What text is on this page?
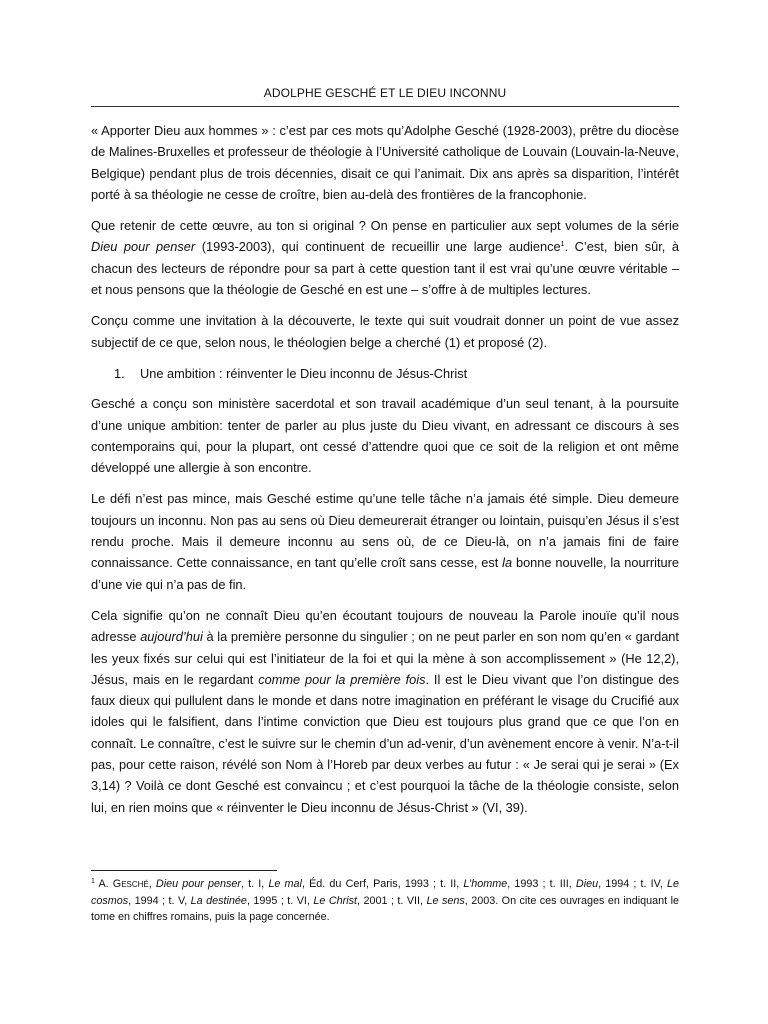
ADOLPHE GESCHÉ ET LE DIEU INCONNU

« Apporter Dieu aux hommes » : c’est par ces mots qu’Adolphe Gesché (1928-2003), prêtre du diocèse de Malines-Bruxelles et professeur de théologie à l’Université catholique de Louvain (Louvain-la-Neuve, Belgique) pendant plus de trois décennies, disait ce qui l’animait. Dix ans après sa disparition, l’intérêt porté à sa théologie ne cesse de croître, bien au-delà des frontières de la francophonie.

Que retenir de cette œuvre, au ton si original ? On pense en particulier aux sept volumes de la série Dieu pour penser (1993-2003), qui continuent de recueillir une large audience$^1$. C’est, bien sûr, à chacun des lecteurs de répondre pour sa part à cette question tant il est vrai qu’une œuvre véritable – et nous pensons que la théologie de Gesché en est une – s’offre à de multiples lectures.

Conçu comme une invitation à la découverte, le texte qui suit voudrait donner un point de vue assez subjectif de ce que, selon nous, le théologien belge a cherché (1) et proposé (2).

1. Une ambition : réinventer le Dieu inconnu de Jésus-Christ

Gesché a conçu son ministère sacerdotal et son travail académique d’un seul tenant, à la poursuite d’une unique ambition: tenter de parler au plus juste du Dieu vivant, en adressant ce discours à ses contemporains qui, pour la plupart, ont cessé d’attendre quoi que ce soit de la religion et ont même développé une allergie à son encontre.

Le défi n’est pas mince, mais Gesché estime qu’une telle tâche n’a jamais été simple. Dieu demeure toujours un inconnu. Non pas au sens où Dieu demeurerait étranger ou lointain, puisqu’en Jésus il s’est rendu proche. Mais il demeure inconnu au sens où, de ce Dieu-là, on n’a jamais fini de faire connaissance. Cette connaissance, en tant qu’elle croît sans cesse, est la bonne nouvelle, la nourriture d’une vie qui n’a pas de fin.

Cela signifie qu’on ne connaît Dieu qu’en écoutant toujours de nouveau la Parole inouïe qu’il nous adresse aujourd’hui à la première personne du singulier ; on ne peut parler en son nom qu’en « gardant les yeux fixés sur celui qui est l’initiateur de la foi et qui la mène à son accomplissement » (He 12,2), Jésus, mais en le regardant comme pour la première fois. Il est le Dieu vivant que l’on distingue des faux dieux qui pullulent dans le monde et dans notre imagination en préférant le visage du Crucifié aux idoles qui le falsifient, dans l’intime conviction que Dieu est toujours plus grand que ce que l’on en connaît. Le connaître, c’est le suivre sur le chemin d’un ad-venir, d’un avènement encore à venir. N’a-t-il pas, pour cette raison, révélé son Nom à l’Horeb par deux verbes au futur : « Je serai qui je serai » (Ex 3,14) ? Voilà ce dont Gesché est convaincu ; et c’est pourquoi la tâche de la théologie consiste, selon lui, en rien moins que « réinventer le Dieu inconnu de Jésus-Christ » (VI, 39).

$^1$ A. Gesché, Dieu pour penser, t. I, Le mal, Éd. du Cerf, Paris, 1993 ; t. II, L’homme, 1993 ; t. III, Dieu, 1994 ; t. IV, Le cosmos, 1994 ; t. V, La destinée, 1995 ; t. VI, Le Christ, 2001 ; t. VII, Le sens, 2003. On cite ces ouvrages en indiquant le tome en chiffres romains, puis la page concernée.
